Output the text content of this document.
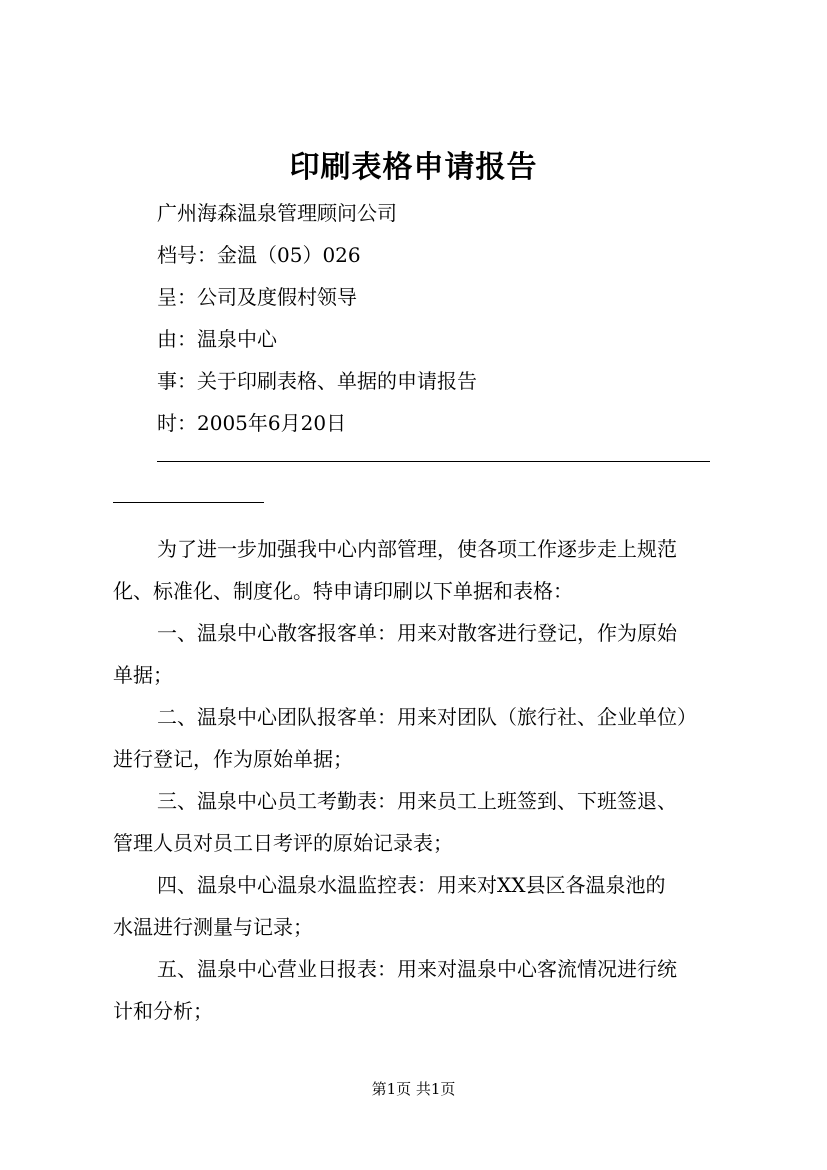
印刷表格申请报告
广州海森温泉管理顾问公司
档号：金温（05）026
呈：公司及度假村领导
由：温泉中心
事：关于印刷表格、单据的申请报告
时：2005年6月20日
为了进一步加强我中心内部管理，使各项工作逐步走上规范
化、标准化、制度化。特申请印刷以下单据和表格：
一、温泉中心散客报客单：用来对散客进行登记，作为原始
单据；
二、温泉中心团队报客单：用来对团队（旅行社、企业单位）
进行登记，作为原始单据；
三、温泉中心员工考勤表：用来员工上班签到、下班签退、
管理人员对员工日考评的原始记录表；
四、温泉中心温泉水温监控表：用来对XX县区各温泉池的
水温进行测量与记录；
五、温泉中心营业日报表：用来对温泉中心客流情况进行统
计和分析；
第1页 共1页
